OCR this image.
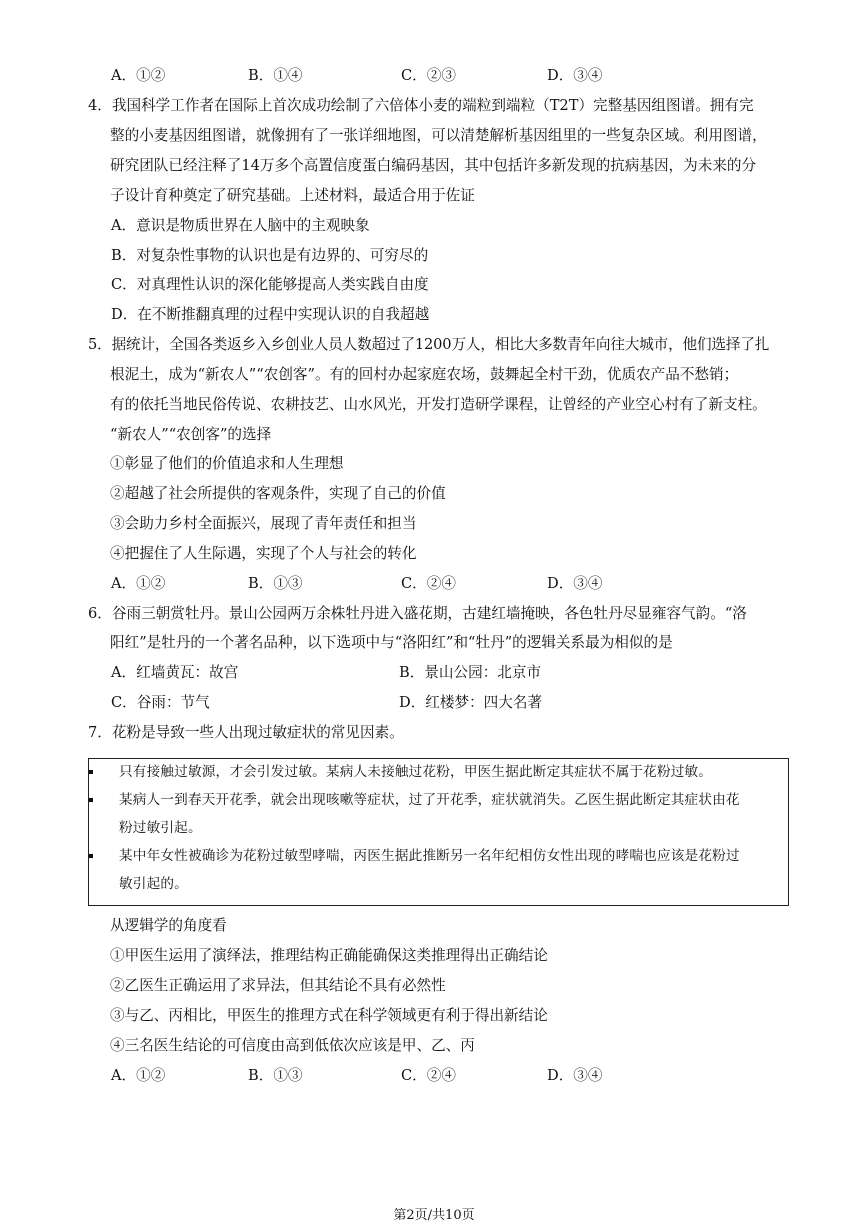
A．①②	B．①④	C．②③	D．③④
4．我国科学工作者在国际上首次成功绘制了六倍体小麦的端粒到端粒（T2T）完整基因组图谱。拥有完
整的小麦基因组图谱，就像拥有了一张详细地图，可以清楚解析基因组里的一些复杂区域。利用图谱，
研究团队已经注释了14万多个高置信度蛋白编码基因，其中包括许多新发现的抗病基因，为未来的分
子设计育种奠定了研究基础。上述材料，最适合用于佐证
A．意识是物质世界在人脑中的主观映象
B．对复杂性事物的认识也是有边界的、可穷尽的
C．对真理性认识的深化能够提高人类实践自由度
D．在不断推翻真理的过程中实现认识的自我超越
5．据统计，全国各类返乡入乡创业人员人数超过了1200万人，相比大多数青年向往大城市，他们选择了扎
根泥土，成为“新农人”“农创客”。有的回村办起家庭农场，鼓舞起全村干劲，优质农产品不愁销；
有的依托当地民俗传说、农耕技艺、山水风光，开发打造研学课程，让曾经的产业空心村有了新支柱。
“新农人”“农创客”的选择
①彰显了他们的价值追求和人生理想
②超越了社会所提供的客观条件，实现了自己的价值
③会助力乡村全面振兴，展现了青年责任和担当
④把握住了人生际遇，实现了个人与社会的转化
A．①②	B．①③	C．②④	D．③④
6．谷雨三朝赏牡丹。景山公园两万余株牡丹进入盛花期，古建红墙掩映，各色牡丹尽显雍容气韵。“洛
阳红”是牡丹的一个著名品种，以下选项中与“洛阳红”和“牡丹”的逻辑关系最为相似的是
A．红墙黄瓦：故宫	B．景山公园：北京市
C．谷雨：节气	D．红楼梦：四大名著
7．花粉是导致一些人出现过敏症状的常见因素。
只有接触过敏源，才会引发过敏。某病人未接触过花粉，甲医生据此断定其症状不属于花粉过敏。
某病人一到春天开花季，就会出现咳嗽等症状，过了开花季，症状就消失。乙医生据此断定其症状由花
粉过敏引起。
某中年女性被确诊为花粉过敏型哮喘，丙医生据此推断另一名年纪相仿女性出现的哮喘也应该是花粉过
敏引起的。
从逻辑学的角度看
①甲医生运用了演绎法，推理结构正确能确保这类推理得出正确结论
②乙医生正确运用了求异法，但其结论不具有必然性
③与乙、丙相比，甲医生的推理方式在科学领域更有利于得出新结论
④三名医生结论的可信度由高到低依次应该是甲、乙、丙
A．①②	B．①③	C．②④	D．③④
第2页/共10页
